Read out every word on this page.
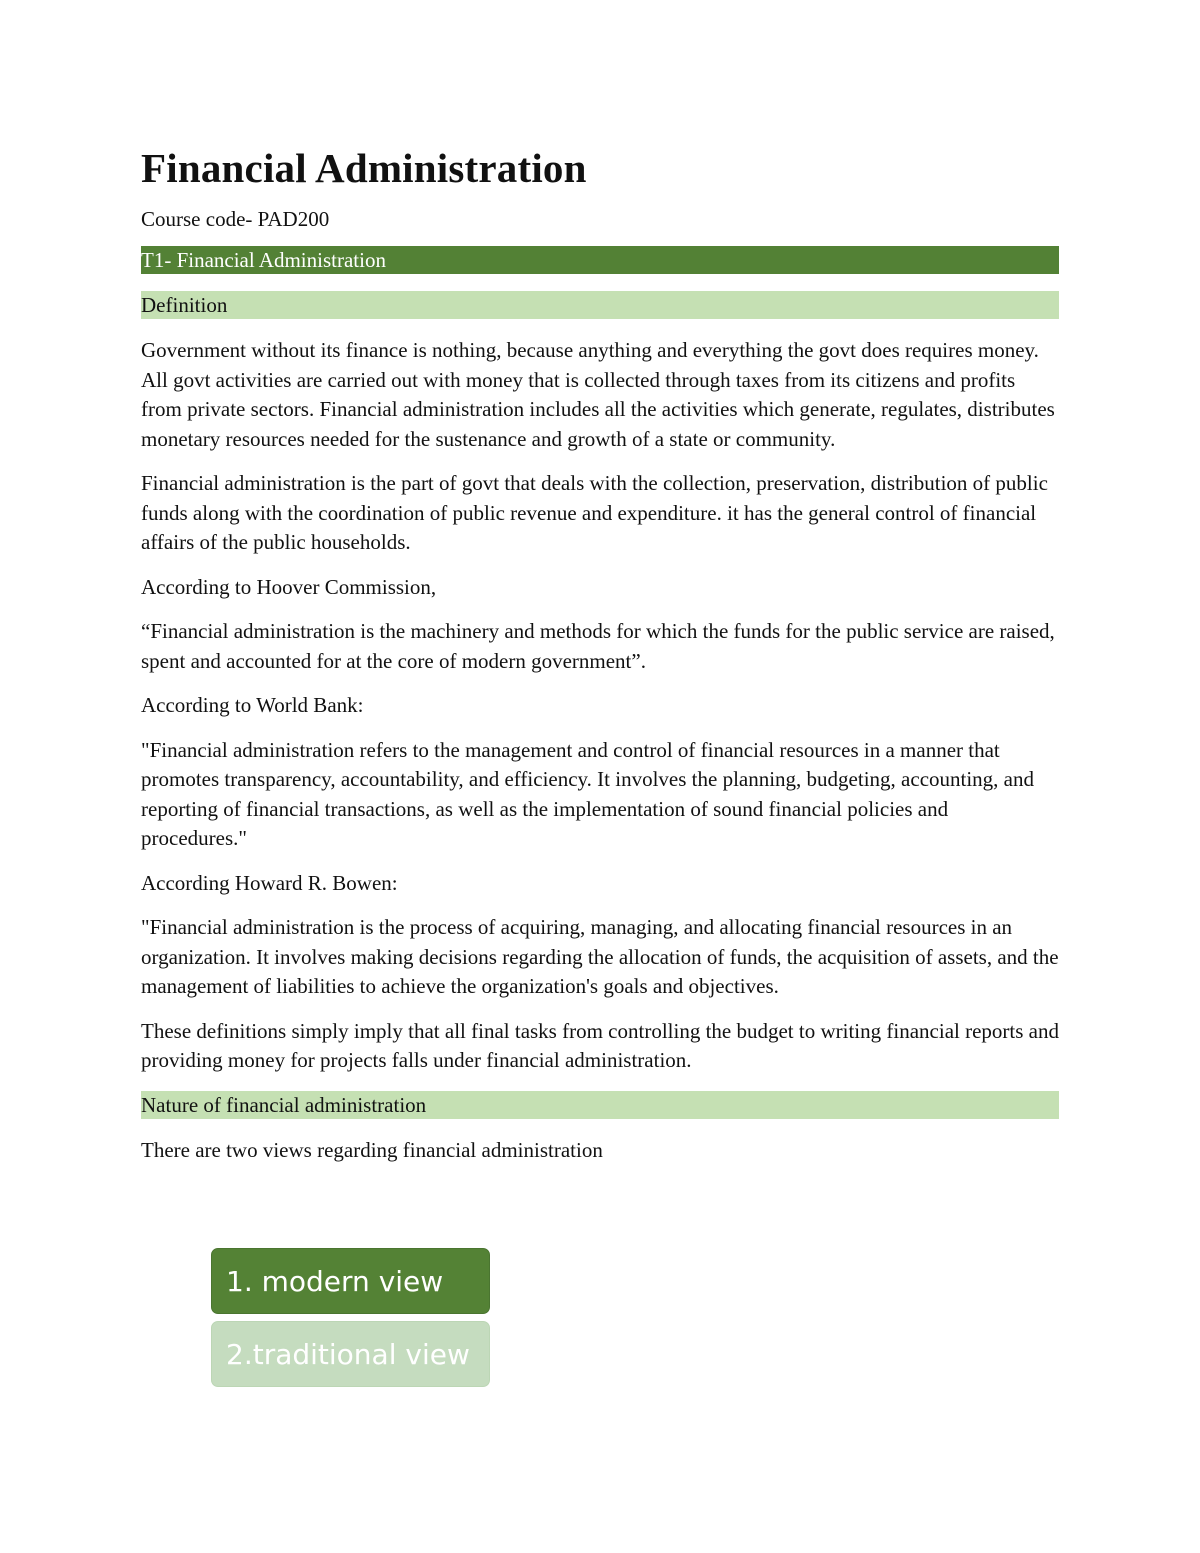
Financial Administration

Course code- PAD200

T1- Financial Administration
Definition

Government without its finance is nothing, because anything and everything the govt does requires money. All govt activities are carried out with money that is collected through taxes from its citizens and profits from private sectors. Financial administration includes all the activities which generate, regulates, distributes monetary resources needed for the sustenance and growth of a state or community.

Financial administration is the part of govt that deals with the collection, preservation, distribution of public funds along with the coordination of public revenue and expenditure. it has the general control of financial affairs of the public households.

According to Hoover Commission,

“Financial administration is the machinery and methods for which the funds for the public service are raised, spent and accounted for at the core of modern government”.

According to World Bank:

"Financial administration refers to the management and control of financial resources in a manner that promotes transparency, accountability, and efficiency. It involves the planning, budgeting, accounting, and reporting of financial transactions, as well as the implementation of sound financial policies and procedures."

According Howard R. Bowen:

"Financial administration is the process of acquiring, managing, and allocating financial resources in an organization. It involves making decisions regarding the allocation of funds, the acquisition of assets, and the management of liabilities to achieve the organization's goals and objectives.

These definitions simply imply that all final tasks from controlling the budget to writing financial reports and providing money for projects falls under financial administration.

Nature of financial administration

There are two views regarding financial administration

1. modern view
2.traditional view
